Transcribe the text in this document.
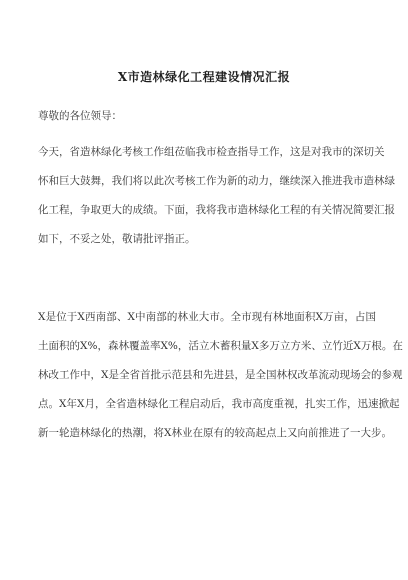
X市造林绿化工程建设情况汇报
尊敬的各位领导：

今天，省造林绿化考核工作组莅临我市检查指导工作，这是对我市的深切关
怀和巨大鼓舞，我们将以此次考核工作为新的动力，继续深入推进我市造林绿
化工程，争取更大的成绩。下面，我将我市造林绿化工程的有关情况简要汇报
如下，不妥之处，敬请批评指正。

X是位于X西南部、X中南部的林业大市。全市现有林地面积X万亩，占国
土面积的X%，森林覆盖率X%，活立木蓄积量X多万立方米、立竹近X万根。在
林改工作中，X是全省首批示范县和先进县，是全国林权改革流动现场会的参观
点。X年X月，全省造林绿化工程启动后，我市高度重视，扎实工作，迅速掀起
新一轮造林绿化的热潮，将X林业在原有的较高起点上又向前推进了一大步。
